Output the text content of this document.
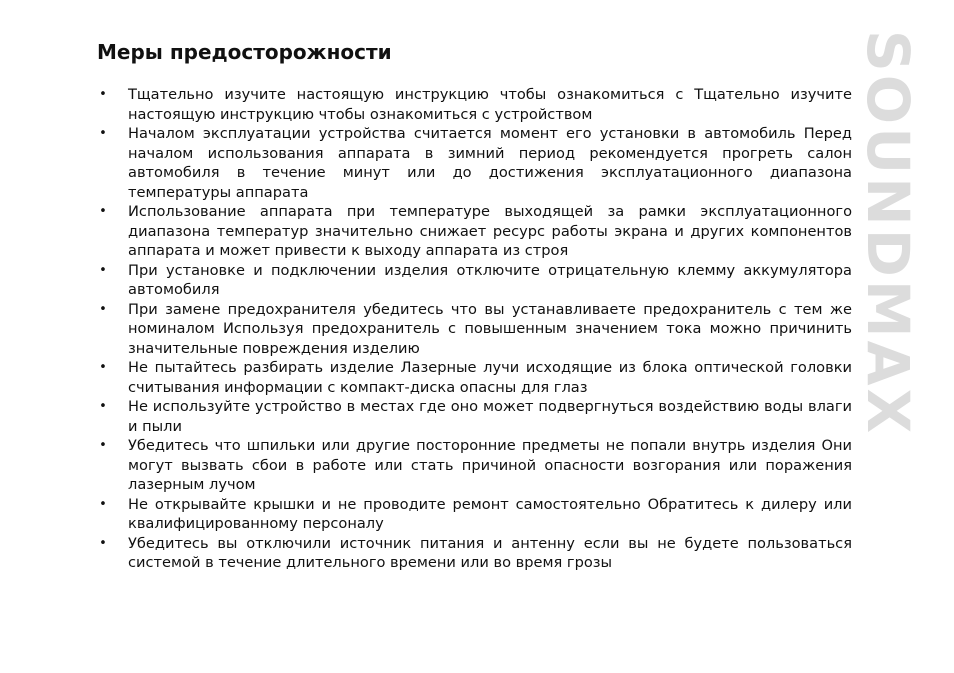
Меры предосторожности
• Тщательно изучите настоящую инструкцию чтобы ознакомиться с Тщательно изучите настоящую инструкцию чтобы ознакомиться с устройством
• Началом эксплуатации устройства считается момент его установки в автомобиль Перед началом использования аппарата в зимний период рекомендуется прогреть салон автомобиля в течение минут или до достижения эксплуатационного диапазона температуры аппарата
• Использование аппарата при температуре выходящей за рамки эксплуатационного диапазона температур значительно снижает ресурс работы экрана и других компонентов аппарата и может привести к выходу аппарата из строя
• При установке и подключении изделия отключите отрицательную клемму аккумулятора автомобиля
• При замене предохранителя убедитесь что вы устанавливаете предохранитель с тем же номиналом Используя предохранитель с повышенным значением тока можно причинить значительные повреждения изделию
• Не пытайтесь разбирать изделие Лазерные лучи исходящие из блока оптической головки считывания информации с компакт-диска опасны для глаз
• Не используйте устройство в местах где оно может подвергнуться воздействию воды влаги и пыли
• Убедитесь что шпильки или другие посторонние предметы не попали внутрь изделия Они могут вызвать сбои в работе или стать причиной опасности возгорания или поражения лазерным лучом
• Не открывайте крышки и не проводите ремонт самостоятельно Обратитесь к дилеру или квалифицированному персоналу
• Убедитесь вы отключили источник питания и антенну если вы не будете пользоваться системой в течение длительного времени или во время грозы
SOUNDMAX
